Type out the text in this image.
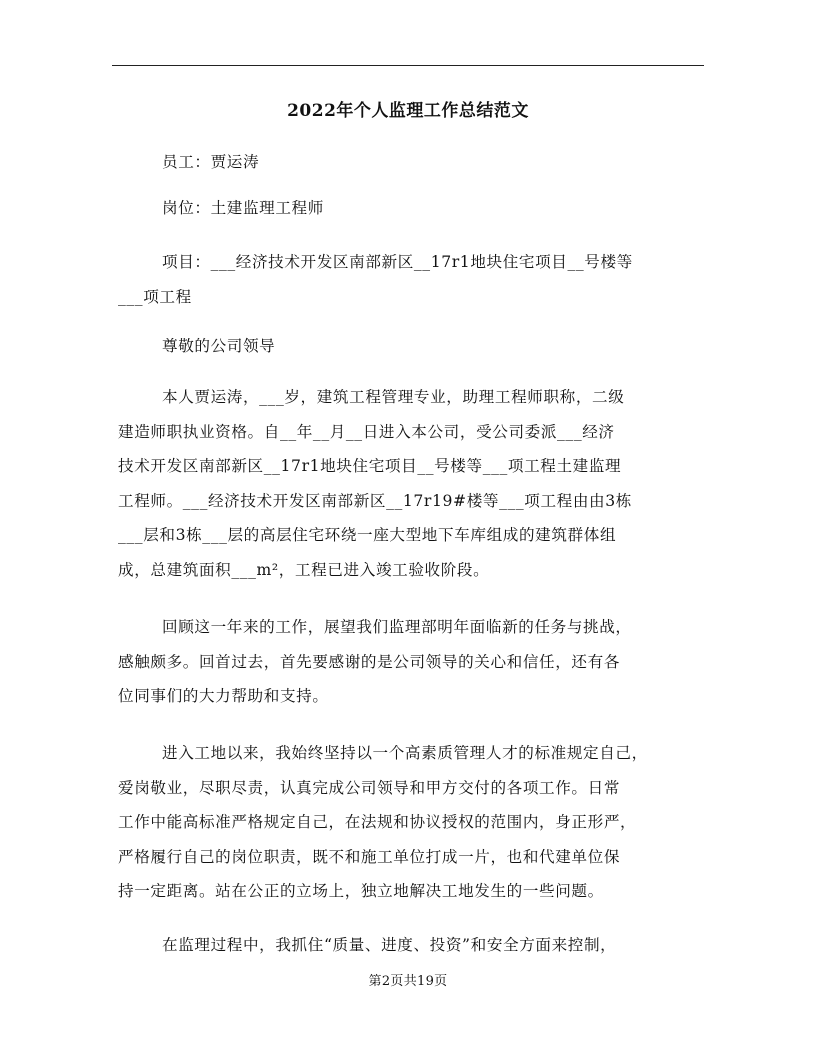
2022年个人监理工作总结范文

员工：贾运涛

岗位：土建监理工程师

项目：___经济技术开发区南部新区__17r1地块住宅项目__号楼等
___项工程

尊敬的公司领导

本人贾运涛，___岁，建筑工程管理专业，助理工程师职称，二级
建造师职执业资格。自__年__月__日进入本公司，受公司委派___经济
技术开发区南部新区__17r1地块住宅项目__号楼等___项工程土建监理
工程师。___经济技术开发区南部新区__17r19#楼等___项工程由由3栋
___层和3栋___层的高层住宅环绕一座大型地下车库组成的建筑群体组
成，总建筑面积___m²，工程已进入竣工验收阶段。

回顾这一年来的工作，展望我们监理部明年面临新的任务与挑战，
感触颇多。回首过去，首先要感谢的是公司领导的关心和信任，还有各
位同事们的大力帮助和支持。

进入工地以来，我始终坚持以一个高素质管理人才的标准规定自己，
爱岗敬业，尽职尽责，认真完成公司领导和甲方交付的各项工作。日常
工作中能高标准严格规定自己，在法规和协议授权的范围内，身正形严，
严格履行自己的岗位职责，既不和施工单位打成一片，也和代建单位保
持一定距离。站在公正的立场上，独立地解决工地发生的一些问题。

在监理过程中，我抓住“质量、进度、投资”和安全方面来控制，

第2页共19页
